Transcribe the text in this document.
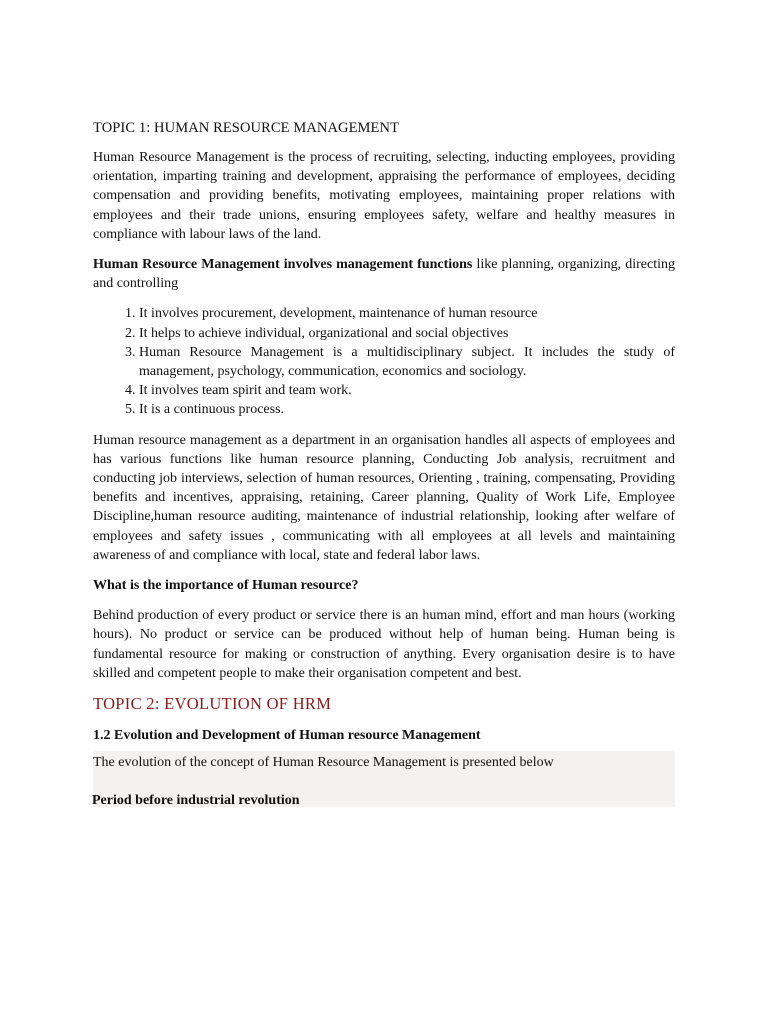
TOPIC 1: HUMAN RESOURCE MANAGEMENT

Human Resource Management is the process of recruiting, selecting, inducting employees, providing orientation, imparting training and development, appraising the performance of employees, deciding compensation and providing benefits, motivating employees, maintaining proper relations with employees and their trade unions, ensuring employees safety, welfare and healthy measures in compliance with labour laws of the land.

Human Resource Management involves management functions like planning, organizing, directing and controlling

1. It involves procurement, development, maintenance of human resource
2. It helps to achieve individual, organizational and social objectives
3. Human Resource Management is a multidisciplinary subject. It includes the study of management, psychology, communication, economics and sociology.
4. It involves team spirit and team work.
5. It is a continuous process.

Human resource management as a department in an organisation handles all aspects of employees and has various functions like human resource planning, Conducting Job analysis, recruitment and conducting job interviews, selection of human resources, Orienting , training, compensating, Providing benefits and incentives, appraising, retaining, Career planning, Quality of Work Life, Employee Discipline,human resource auditing, maintenance of industrial relationship, looking after welfare of employees and safety issues , communicating with all employees at all levels and maintaining awareness of and compliance with local, state and federal labor laws.

What is the importance of Human resource?

Behind production of every product or service there is an human mind, effort and man hours (working hours). No product or service can be produced without help of human being. Human being is fundamental resource for making or construction of anything. Every organisation desire is to have skilled and competent people to make their organisation competent and best.

TOPIC 2: EVOLUTION OF HRM

1.2 Evolution and Development of Human resource Management

The evolution of the concept of Human Resource Management is presented below

Period before industrial revolution
